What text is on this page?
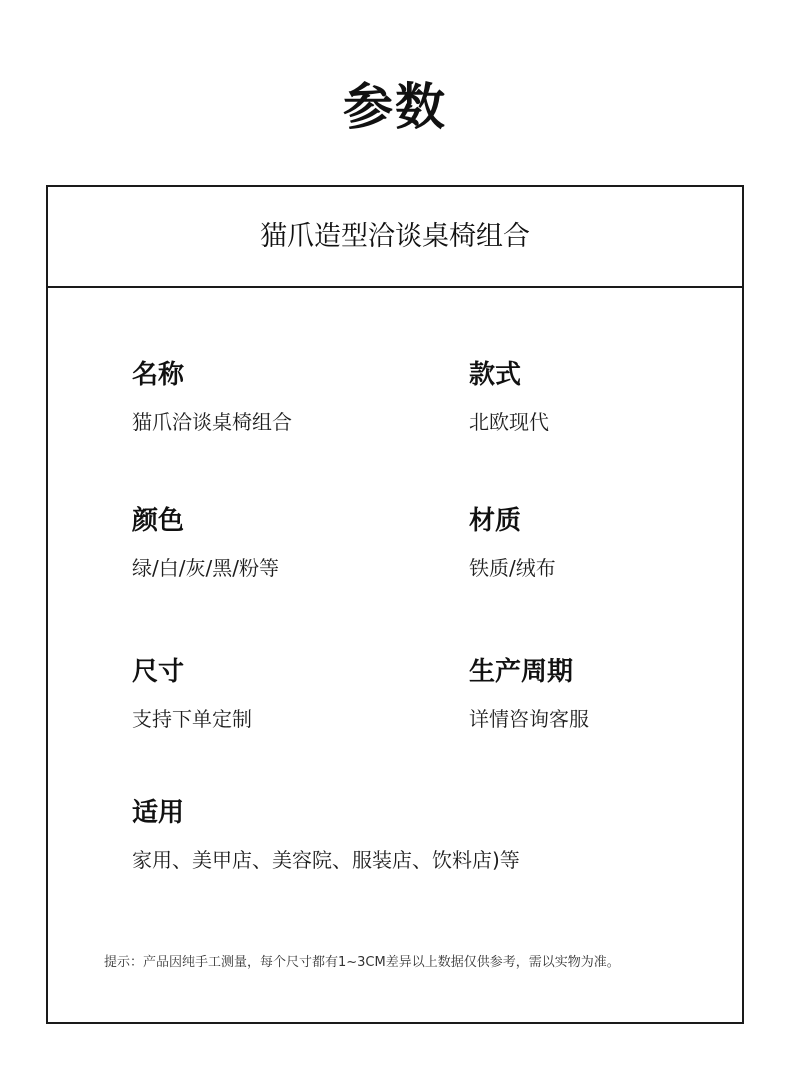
参数
猫爪造型洽谈桌椅组合
名称
猫爪洽谈桌椅组合
款式
北欧现代
颜色
绿/白/灰/黑/粉等
材质
铁质/绒布
尺寸
支持下单定制
生产周期
详情咨询客服
适用
家用、美甲店、美容院、服装店、饮料店)等
提示：产品因纯手工测量，每个尺寸都有1~3CM差异以上数据仅供参考，需以实物为准。
